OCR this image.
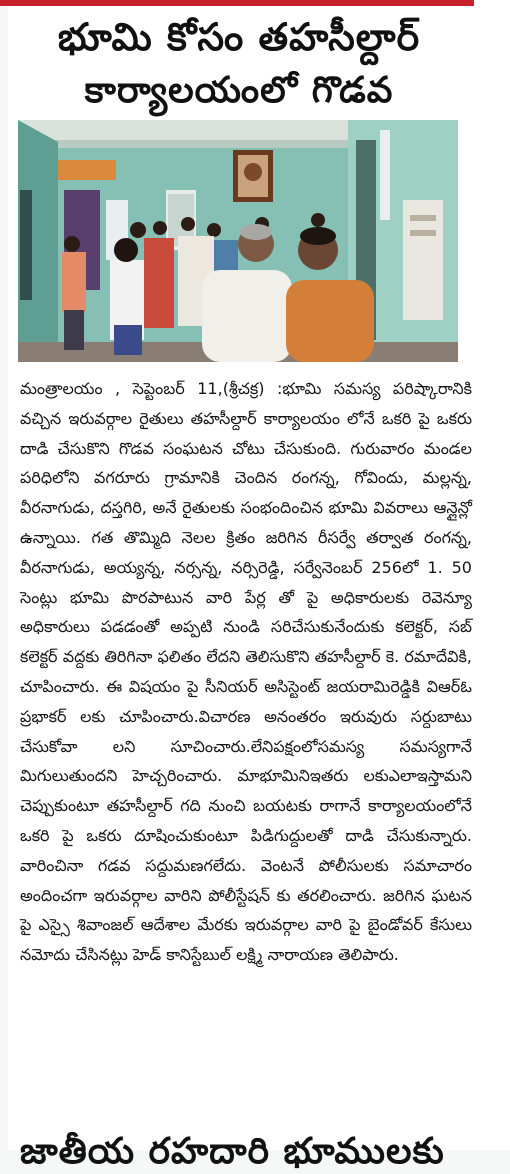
భూమి కోసం తహసీల్దార్
కార్యాలయంలో గొడవ

మంత్రాలయం , సెప్టెంబర్ 11,(శ్రీచక్ర) :భూమి సమస్య పరిష్కారానికి వచ్చిన ఇరువర్గాల రైతులు తహసీల్దార్ కార్యాలయం లోనే ఒకరి పై ఒకరు దాడి చేసుకొని గొడవ సంఘటన చోటు చేసుకుంది. గురువారం మండల పరిధిలోని వగరూరు గ్రామానికి చెందిన రంగన్న, గోవిందు, మల్లన్న, వీరనాగుడు, దస్తగిరి, అనే రైతులకు సంభందించిన భూమి వివరాలు ఆన్లైన్లో ఉన్నాయి. గత తొమ్మిది నెలల క్రితం జరిగిన రీసర్వే తర్వాత రంగన్న, వీరనాగుడు, అయ్యన్న, నర్సన్న, నర్సిరెడ్డి, సర్వేనెంబర్ 256లో 1. 50 సెంట్లు భూమి పొరపాటున వారి పేర్ల తో పై అధికారులకు రెవెన్యూ అధికారులు పడడంతో అప్పటి నుండి సరిచేసుకునేందుకు కలెక్టర్, సబ్ కలెక్టర్ వద్దకు తిరిగినా ఫలితం లేదని తెలిసుకొని తహసీల్దార్ కె. రమాదేవికి, చూపించారు. ఈ విషయం పై సీనియర్ అసిస్టెంట్ జయరామిరెడ్డికి విఆర్ఓ ప్రభాకర్ లకు చూపించారు.విచారణ అనంతరం ఇరువురు సర్దుబాటు చేసుకోవా లని సూచించారు.లేనిపక్షంలోసమస్య సమస్యగానే మిగులుతుందని హెచ్చరించారు. మాభూమినిఇతరు లకుఎలాఇస్తామని చెప్పుకుంటూ తహసీల్దార్ గది నుంచి బయటకు రాగానే కార్యాలయంలోనే ఒకరి పై ఒకరు దూషించుకుంటూ పిడిగుద్దులతో దాడి చేసుకున్నారు. వారించినా గడవ సద్దుమణగలేదు. వెంటనే పోలీసులకు సమాచారం అందించగా ఇరువర్గాల వారిని పోలీస్టేషన్ కు తరలించారు. జరిగిన ఘటన పై ఎస్సై శివాంజల్ ఆదేశాల మేరకు ఇరువర్గాల వారి పై బైండోవర్ కేసులు నమోదు చేసినట్లు హెడ్ కానిస్టేబుల్ లక్ష్మి నారాయణ తెలిపారు.

జాతీయ రహదారి భూములకు
